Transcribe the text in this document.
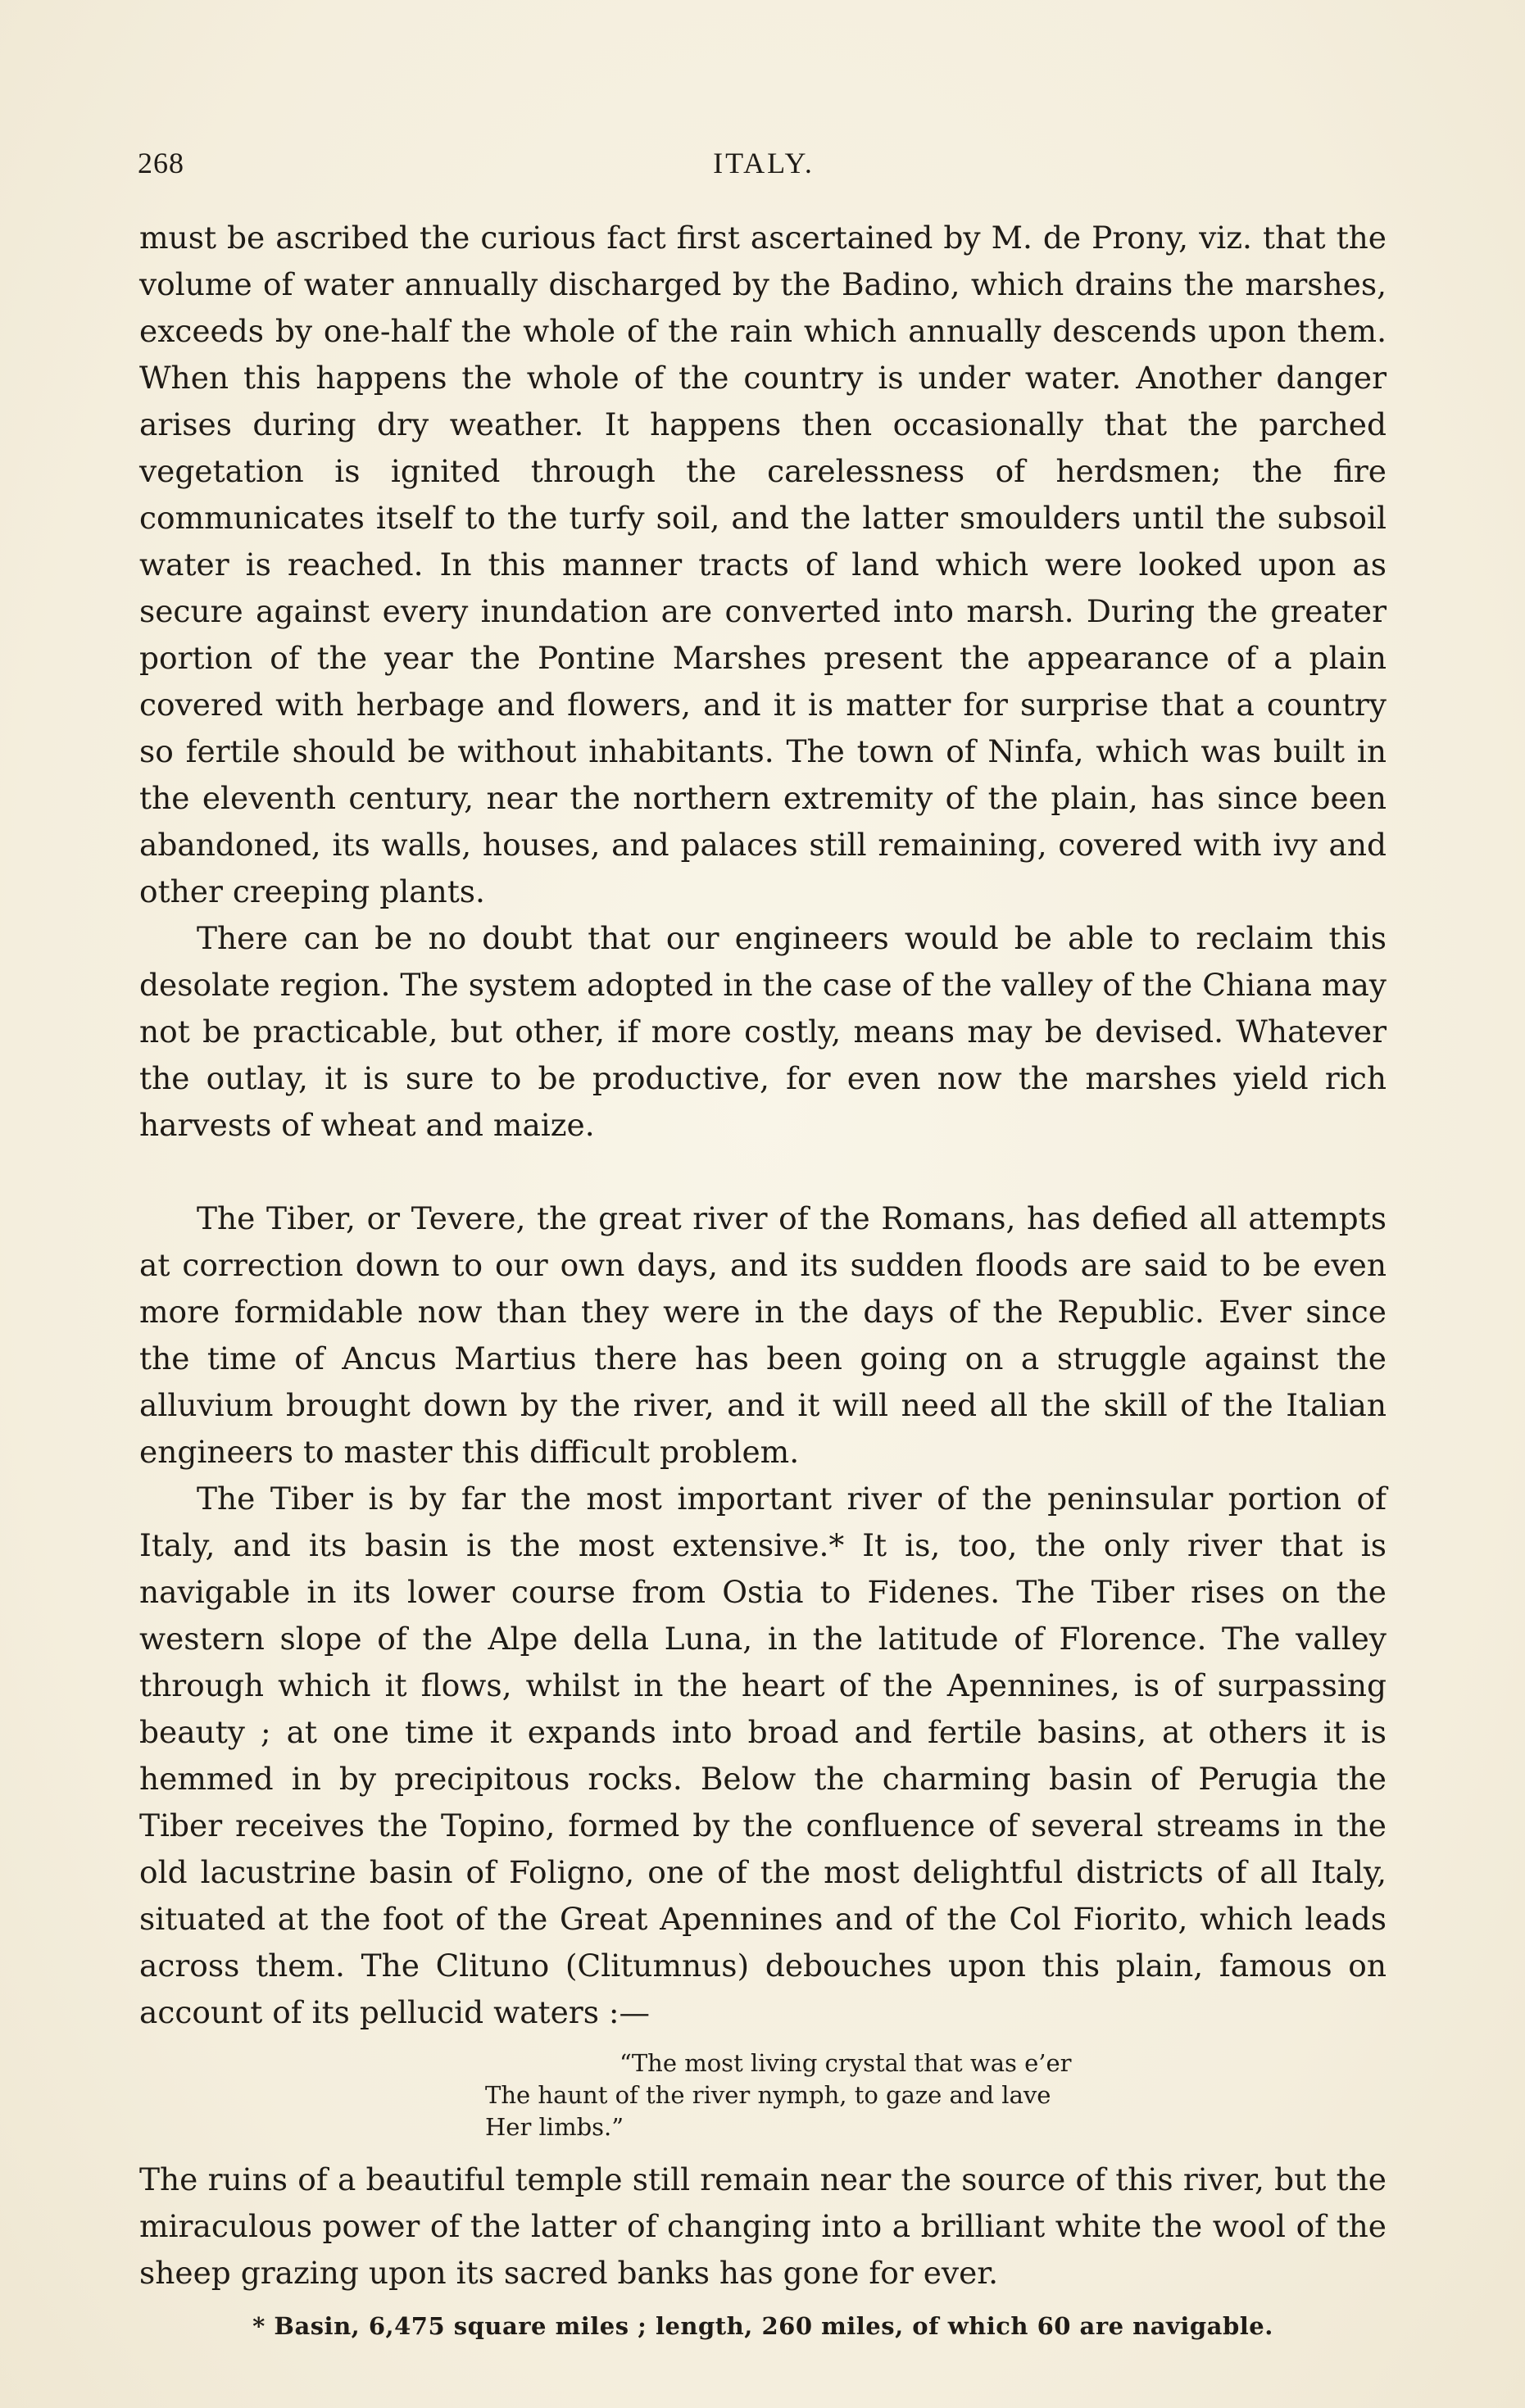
268	ITALY.

must be ascribed the curious fact first ascertained by M. de Prony, viz. that the volume of water annually discharged by the Badino, which drains the marshes, exceeds by one-half the whole of the rain which annually descends upon them. When this happens the whole of the country is under water. Another danger arises during dry weather. It happens then occasionally that the parched vegetation is ignited through the carelessness of herdsmen; the fire communicates itself to the turfy soil, and the latter smoulders until the subsoil water is reached. In this manner tracts of land which were looked upon as secure against every inundation are converted into marsh. During the greater portion of the year the Pontine Marshes present the appearance of a plain covered with herbage and flowers, and it is matter for surprise that a country so fertile should be without inhabitants. The town of Ninfa, which was built in the eleventh century, near the northern extremity of the plain, has since been abandoned, its walls, houses, and palaces still remaining, covered with ivy and other creeping plants.

There can be no doubt that our engineers would be able to reclaim this desolate region. The system adopted in the case of the valley of the Chiana may not be practicable, but other, if more costly, means may be devised. Whatever the outlay, it is sure to be productive, for even now the marshes yield rich harvests of wheat and maize.

The Tiber, or Tevere, the great river of the Romans, has defied all attempts at correction down to our own days, and its sudden floods are said to be even more formidable now than they were in the days of the Republic. Ever since the time of Ancus Martius there has been going on a struggle against the alluvium brought down by the river, and it will need all the skill of the Italian engineers to master this difficult problem.

The Tiber is by far the most important river of the peninsular portion of Italy, and its basin is the most extensive.* It is, too, the only river that is navigable in its lower course from Ostia to Fidenes. The Tiber rises on the western slope of the Alpe della Luna, in the latitude of Florence. The valley through which it flows, whilst in the heart of the Apennines, is of surpassing beauty ; at one time it expands into broad and fertile basins, at others it is hemmed in by precipitous rocks. Below the charming basin of Perugia the Tiber receives the Topino, formed by the confluence of several streams in the old lacustrine basin of Foligno, one of the most delightful districts of all Italy, situated at the foot of the Great Apennines and of the Col Fiorito, which leads across them. The Clituno (Clitumnus) debouches upon this plain, famous on account of its pellucid waters :—

“The most living crystal that was e’er
The haunt of the river nymph, to gaze and lave
Her limbs.”

The ruins of a beautiful temple still remain near the source of this river, but the miraculous power of the latter of changing into a brilliant white the wool of the sheep grazing upon its sacred banks has gone for ever.

* Basin, 6,475 square miles ; length, 260 miles, of which 60 are navigable.
